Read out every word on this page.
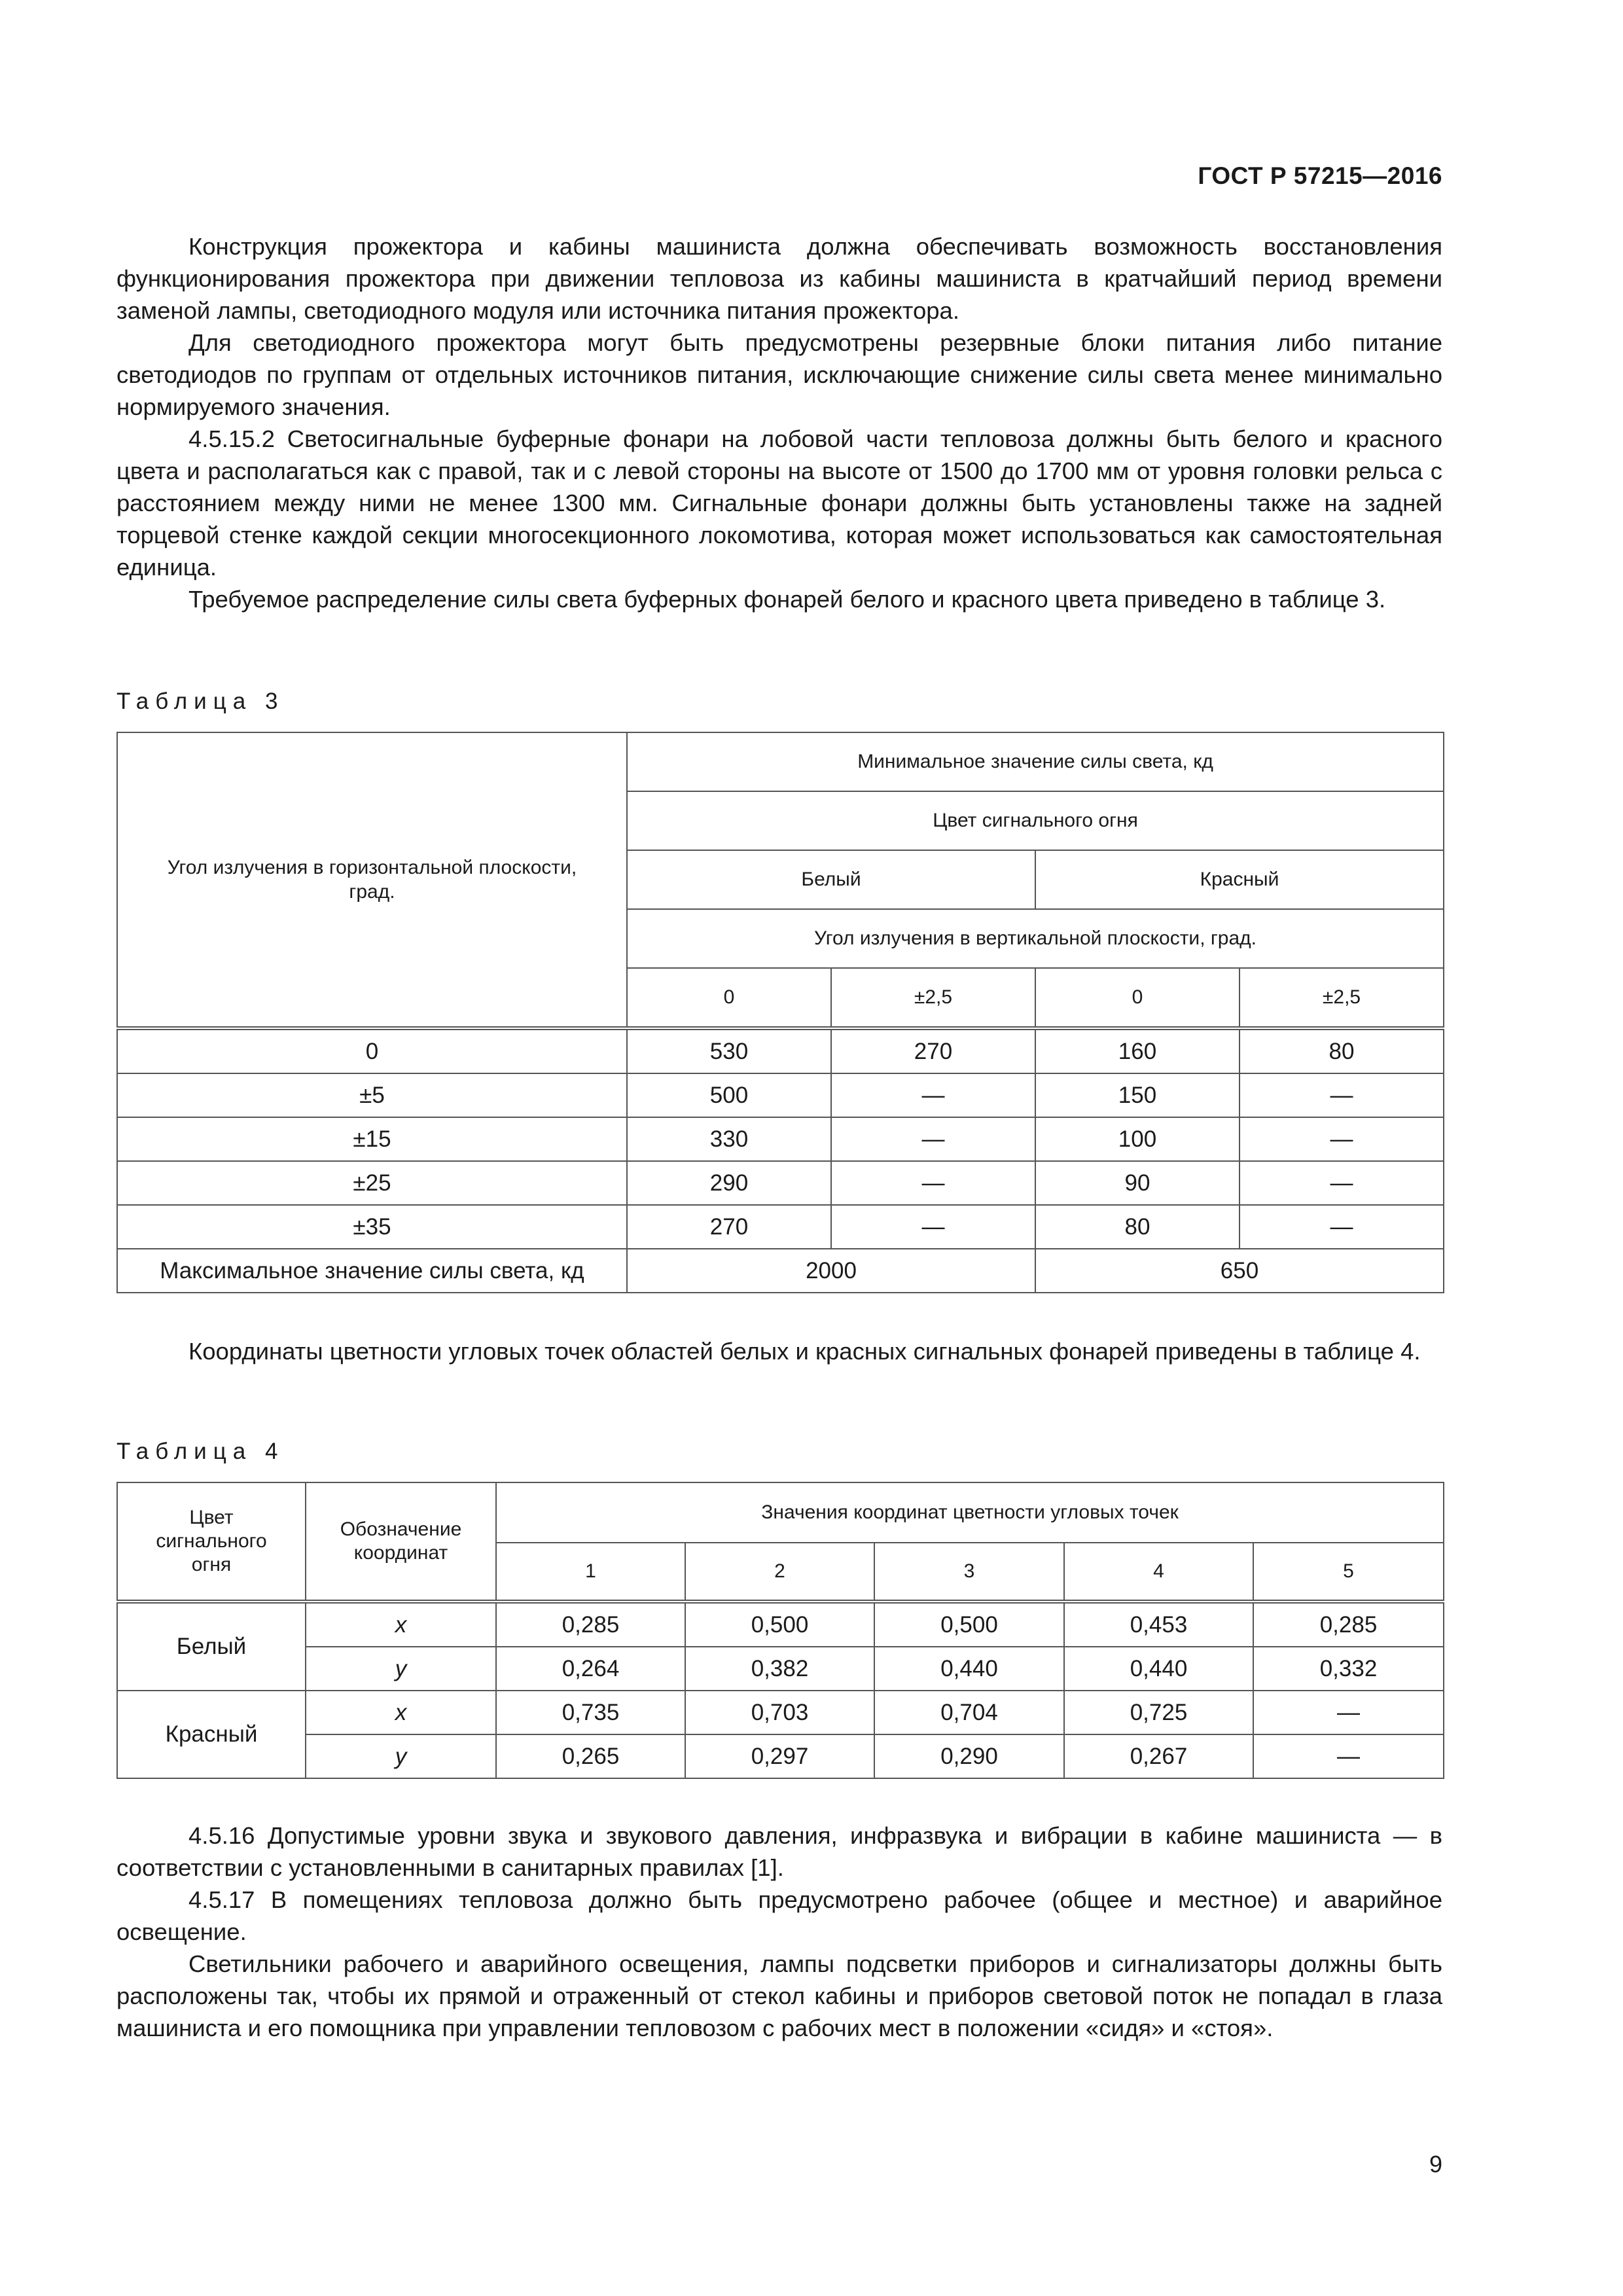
ГОСТ Р 57215—2016

Конструкция прожектора и кабины машиниста должна обеспечивать возможность восстановления функционирования прожектора при движении тепловоза из кабины машиниста в кратчайший период времени заменой лампы, светодиодного модуля или источника питания прожектора.

Для светодиодного прожектора могут быть предусмотрены резервные блоки питания либо питание светодиодов по группам от отдельных источников питания, исключающие снижение силы света менее минимально нормируемого значения.

4.5.15.2 Светосигнальные буферные фонари на лобовой части тепловоза должны быть белого и красного цвета и располагаться как с правой, так и с левой стороны на высоте от 1500 до 1700 мм от уровня головки рельса с расстоянием между ними не менее 1300 мм. Сигнальные фонари должны быть установлены также на задней торцевой стенке каждой секции многосекционного локомотива, которая может использоваться как самостоятельная единица.

Требуемое распределение силы света буферных фонарей белого и красного цвета приведено в таблице 3.

Таблица 3
Угол излучения в горизонтальной плоскости, град.	Минимальное значение силы света, кд			
	Цвет сигнального огня			
	Белый		Красный	
	Угол излучения в вертикальной плоскости, град.			
	0	±2,5	0	±2,5
0	530	270	160	80
±5	500	—	150	—
±15	330	—	100	—
±25	290	—	90	—
±35	270	—	80	—
Максимальное значение силы света, кд	2000		650	

Координаты цветности угловых точек областей белых и красных сигнальных фонарей приведены в таблице 4.

Таблица 4
Цвет сигнального огня	Обозначение координат	Значения координат цветности угловых точек				
		1	2	3	4	5
Белый	x	0,285	0,500	0,500	0,453	0,285
	y	0,264	0,382	0,440	0,440	0,332
Красный	x	0,735	0,703	0,704	0,725	—
	y	0,265	0,297	0,290	0,267	—

4.5.16 Допустимые уровни звука и звукового давления, инфразвука и вибрации в кабине машиниста — в соответствии с установленными в санитарных правилах [1].

4.5.17 В помещениях тепловоза должно быть предусмотрено рабочее (общее и местное) и аварийное освещение.

Светильники рабочего и аварийного освещения, лампы подсветки приборов и сигнализаторы должны быть расположены так, чтобы их прямой и отраженный от стекол кабины и приборов световой поток не попадал в глаза машиниста и его помощника при управлении тепловозом с рабочих мест в положении «сидя» и «стоя».

9
